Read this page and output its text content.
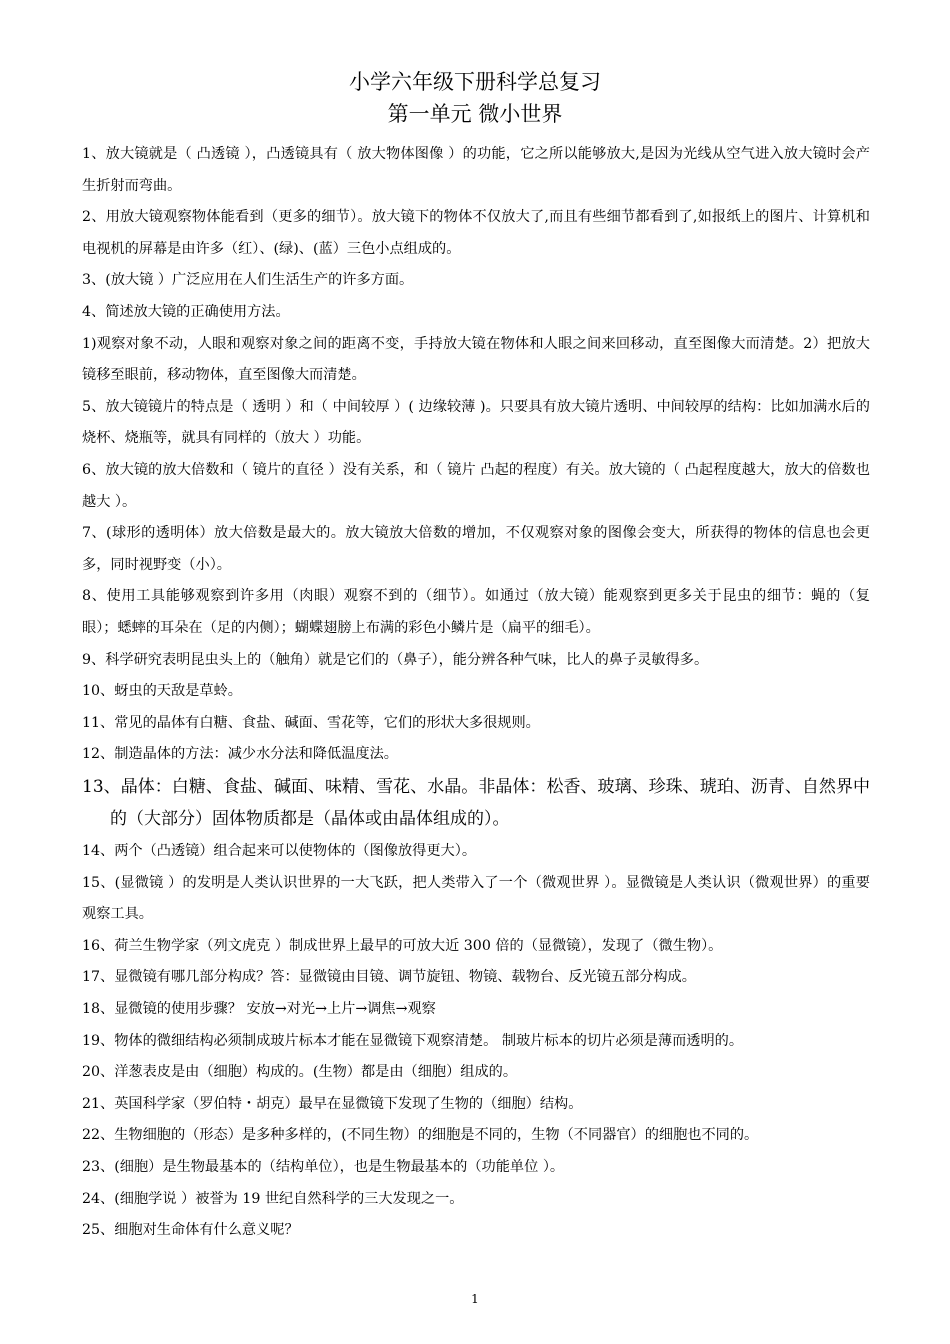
小学六年级下册科学总复习
第一单元 微小世界

1、放大镜就是（ 凸透镜 ），凸透镜具有（ 放大物体图像 ）的功能，它之所以能够放大,是因为光线从空气进入放大镜时会产生折射而弯曲。

2、用放大镜观察物体能看到（更多的细节）。放大镜下的物体不仅放大了,而且有些细节都看到了,如报纸上的图片、计算机和电视机的屏幕是由许多（红）、(绿)、(蓝）三色小点组成的。

3、(放大镜 ）广泛应用在人们生活生产的许多方面。

4、简述放大镜的正确使用方法。

1)观察对象不动，人眼和观察对象之间的距离不变，手持放大镜在物体和人眼之间来回移动，直至图像大而清楚。2）把放大镜移至眼前，移动物体，直至图像大而清楚。

5、放大镜镜片的特点是（ 透明 ）和（ 中间较厚 ）( 边缘较薄 )。只要具有放大镜片透明、中间较厚的结构：比如加满水后的烧杯、烧瓶等，就具有同样的（放大 ）功能。

6、放大镜的放大倍数和（ 镜片的直径 ）没有关系，和（ 镜片 凸起的程度）有关。放大镜的（ 凸起程度越大，放大的倍数也越大 ）。

7、(球形的透明体）放大倍数是最大的。放大镜放大倍数的增加，不仅观察对象的图像会变大，所获得的物体的信息也会更多，同时视野变（小）。

8、使用工具能够观察到许多用（肉眼）观察不到的（细节）。如通过（放大镜）能观察到更多关于昆虫的细节：蝇的（复眼）；蟋蟀的耳朵在（足的内侧）；蝴蝶翅膀上布满的彩色小鳞片是（扁平的细毛）。

9、科学研究表明昆虫头上的（触角）就是它们的（鼻子），能分辨各种气味，比人的鼻子灵敏得多。

10、蚜虫的天敌是草蛉。

11、常见的晶体有白糖、食盐、碱面、雪花等，它们的形状大多很规则。

12、制造晶体的方法：减少水分法和降低温度法。

13、晶体：白糖、食盐、碱面、味精、雪花、水晶。非晶体：松香、玻璃、珍珠、琥珀、沥青、自然界中的（大部分）固体物质都是（晶体或由晶体组成的）。

14、两个（凸透镜）组合起来可以使物体的（图像放得更大）。

15、(显微镜 ）的发明是人类认识世界的一大飞跃，把人类带入了一个（微观世界 ）。显微镜是人类认识（微观世界）的重要观察工具。

16、荷兰生物学家（列文虎克 ）制成世界上最早的可放大近 300 倍的（显微镜），发现了（微生物）。

17、显微镜有哪几部分构成？答：显微镜由目镜、调节旋钮、物镜、载物台、反光镜五部分构成。

18、显微镜的使用步骤？ 安放→对光→上片→调焦→观察

19、物体的微细结构必须制成玻片标本才能在显微镜下观察清楚。 制玻片标本的切片必须是薄而透明的。

20、洋葱表皮是由（细胞）构成的。(生物）都是由（细胞）组成的。

21、英国科学家（罗伯特・胡克）最早在显微镜下发现了生物的（细胞）结构。

22、生物细胞的（形态）是多种多样的，(不同生物）的细胞是不同的，生物（不同器官）的细胞也不同的。

23、(细胞）是生物最基本的（结构单位），也是生物最基本的（功能单位 ）。

24、(细胞学说 ）被誉为 19 世纪自然科学的三大发现之一。

25、细胞对生命体有什么意义呢？

1
